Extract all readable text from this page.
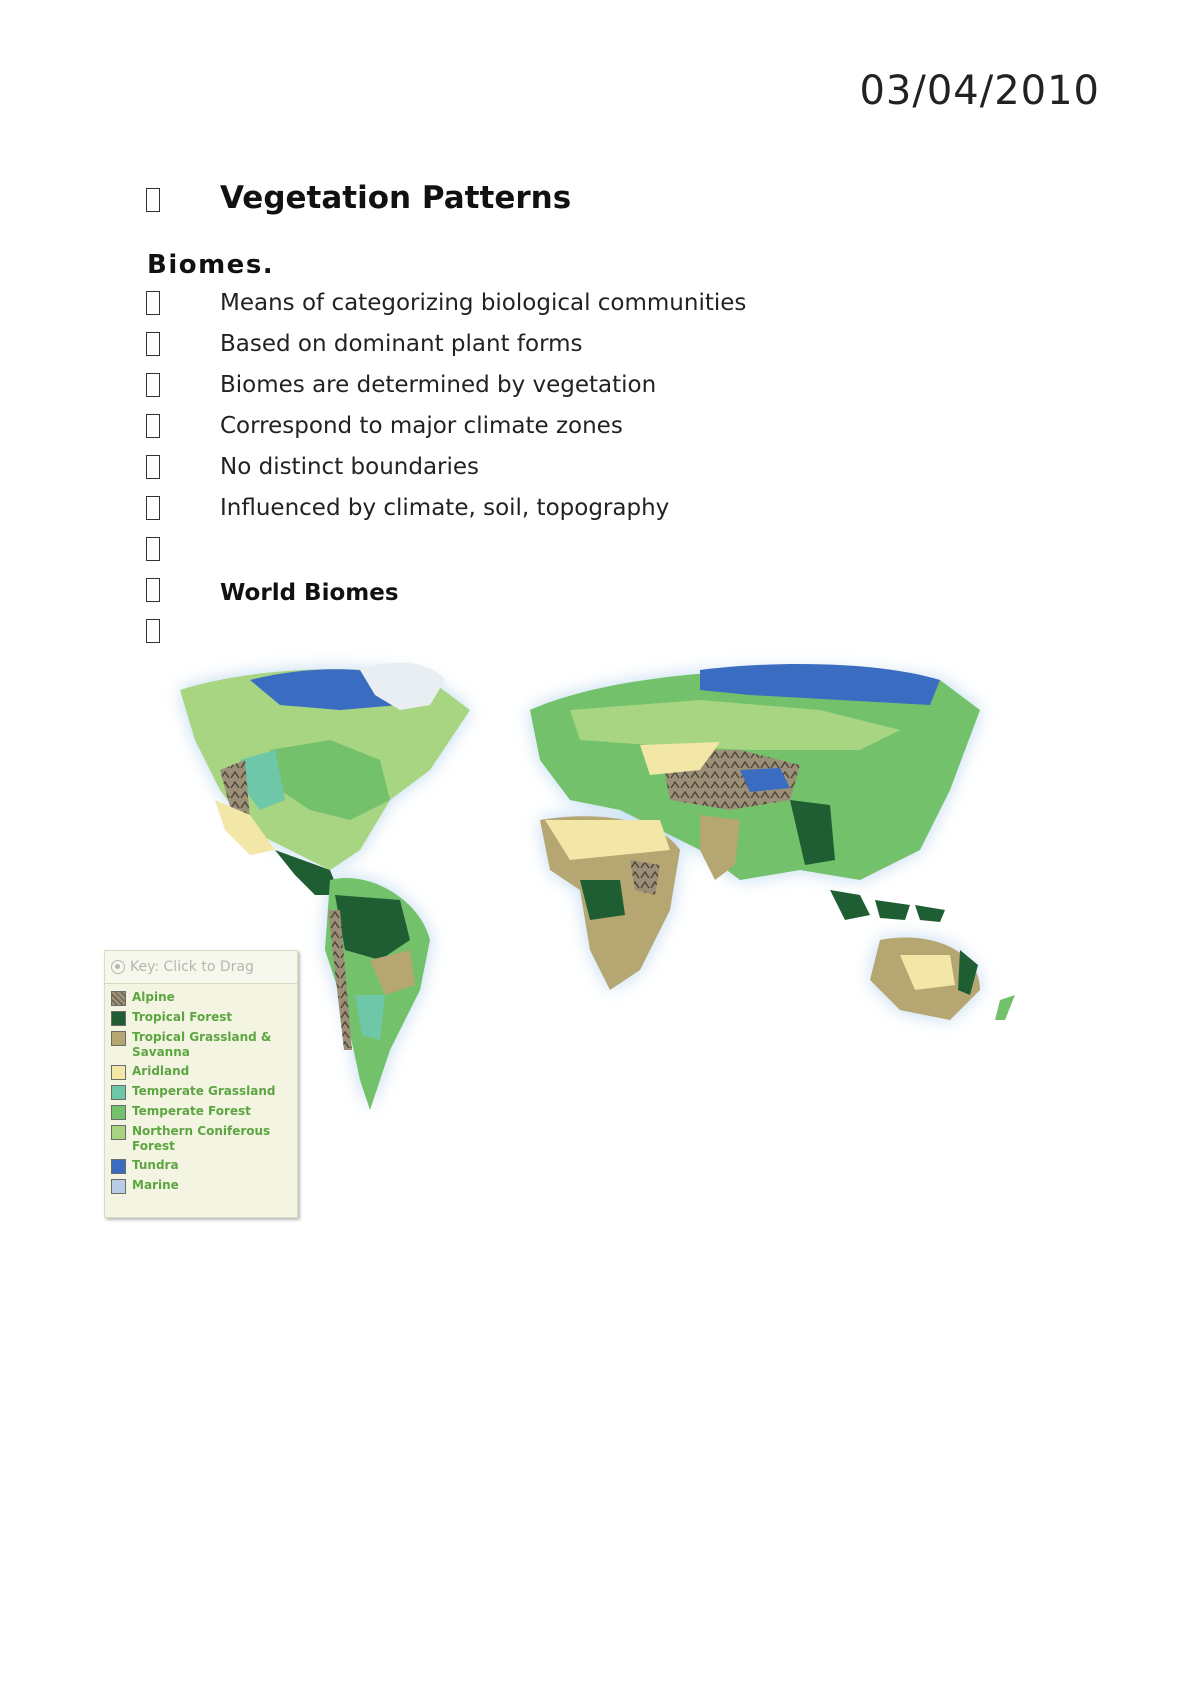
03/04/2010
Vegetation Patterns
Biomes.
Means of categorizing biological communities
Based on dominant plant forms
Biomes are determined by vegetation
Correspond to major climate zones
No distinct boundaries
Influenced by climate, soil, topography
World Biomes
Key: Click to Drag
Alpine
Tropical Forest
Tropical Grassland & Savanna
Aridland
Temperate Grassland
Temperate Forest
Northern Coniferous Forest
Tundra
Marine
